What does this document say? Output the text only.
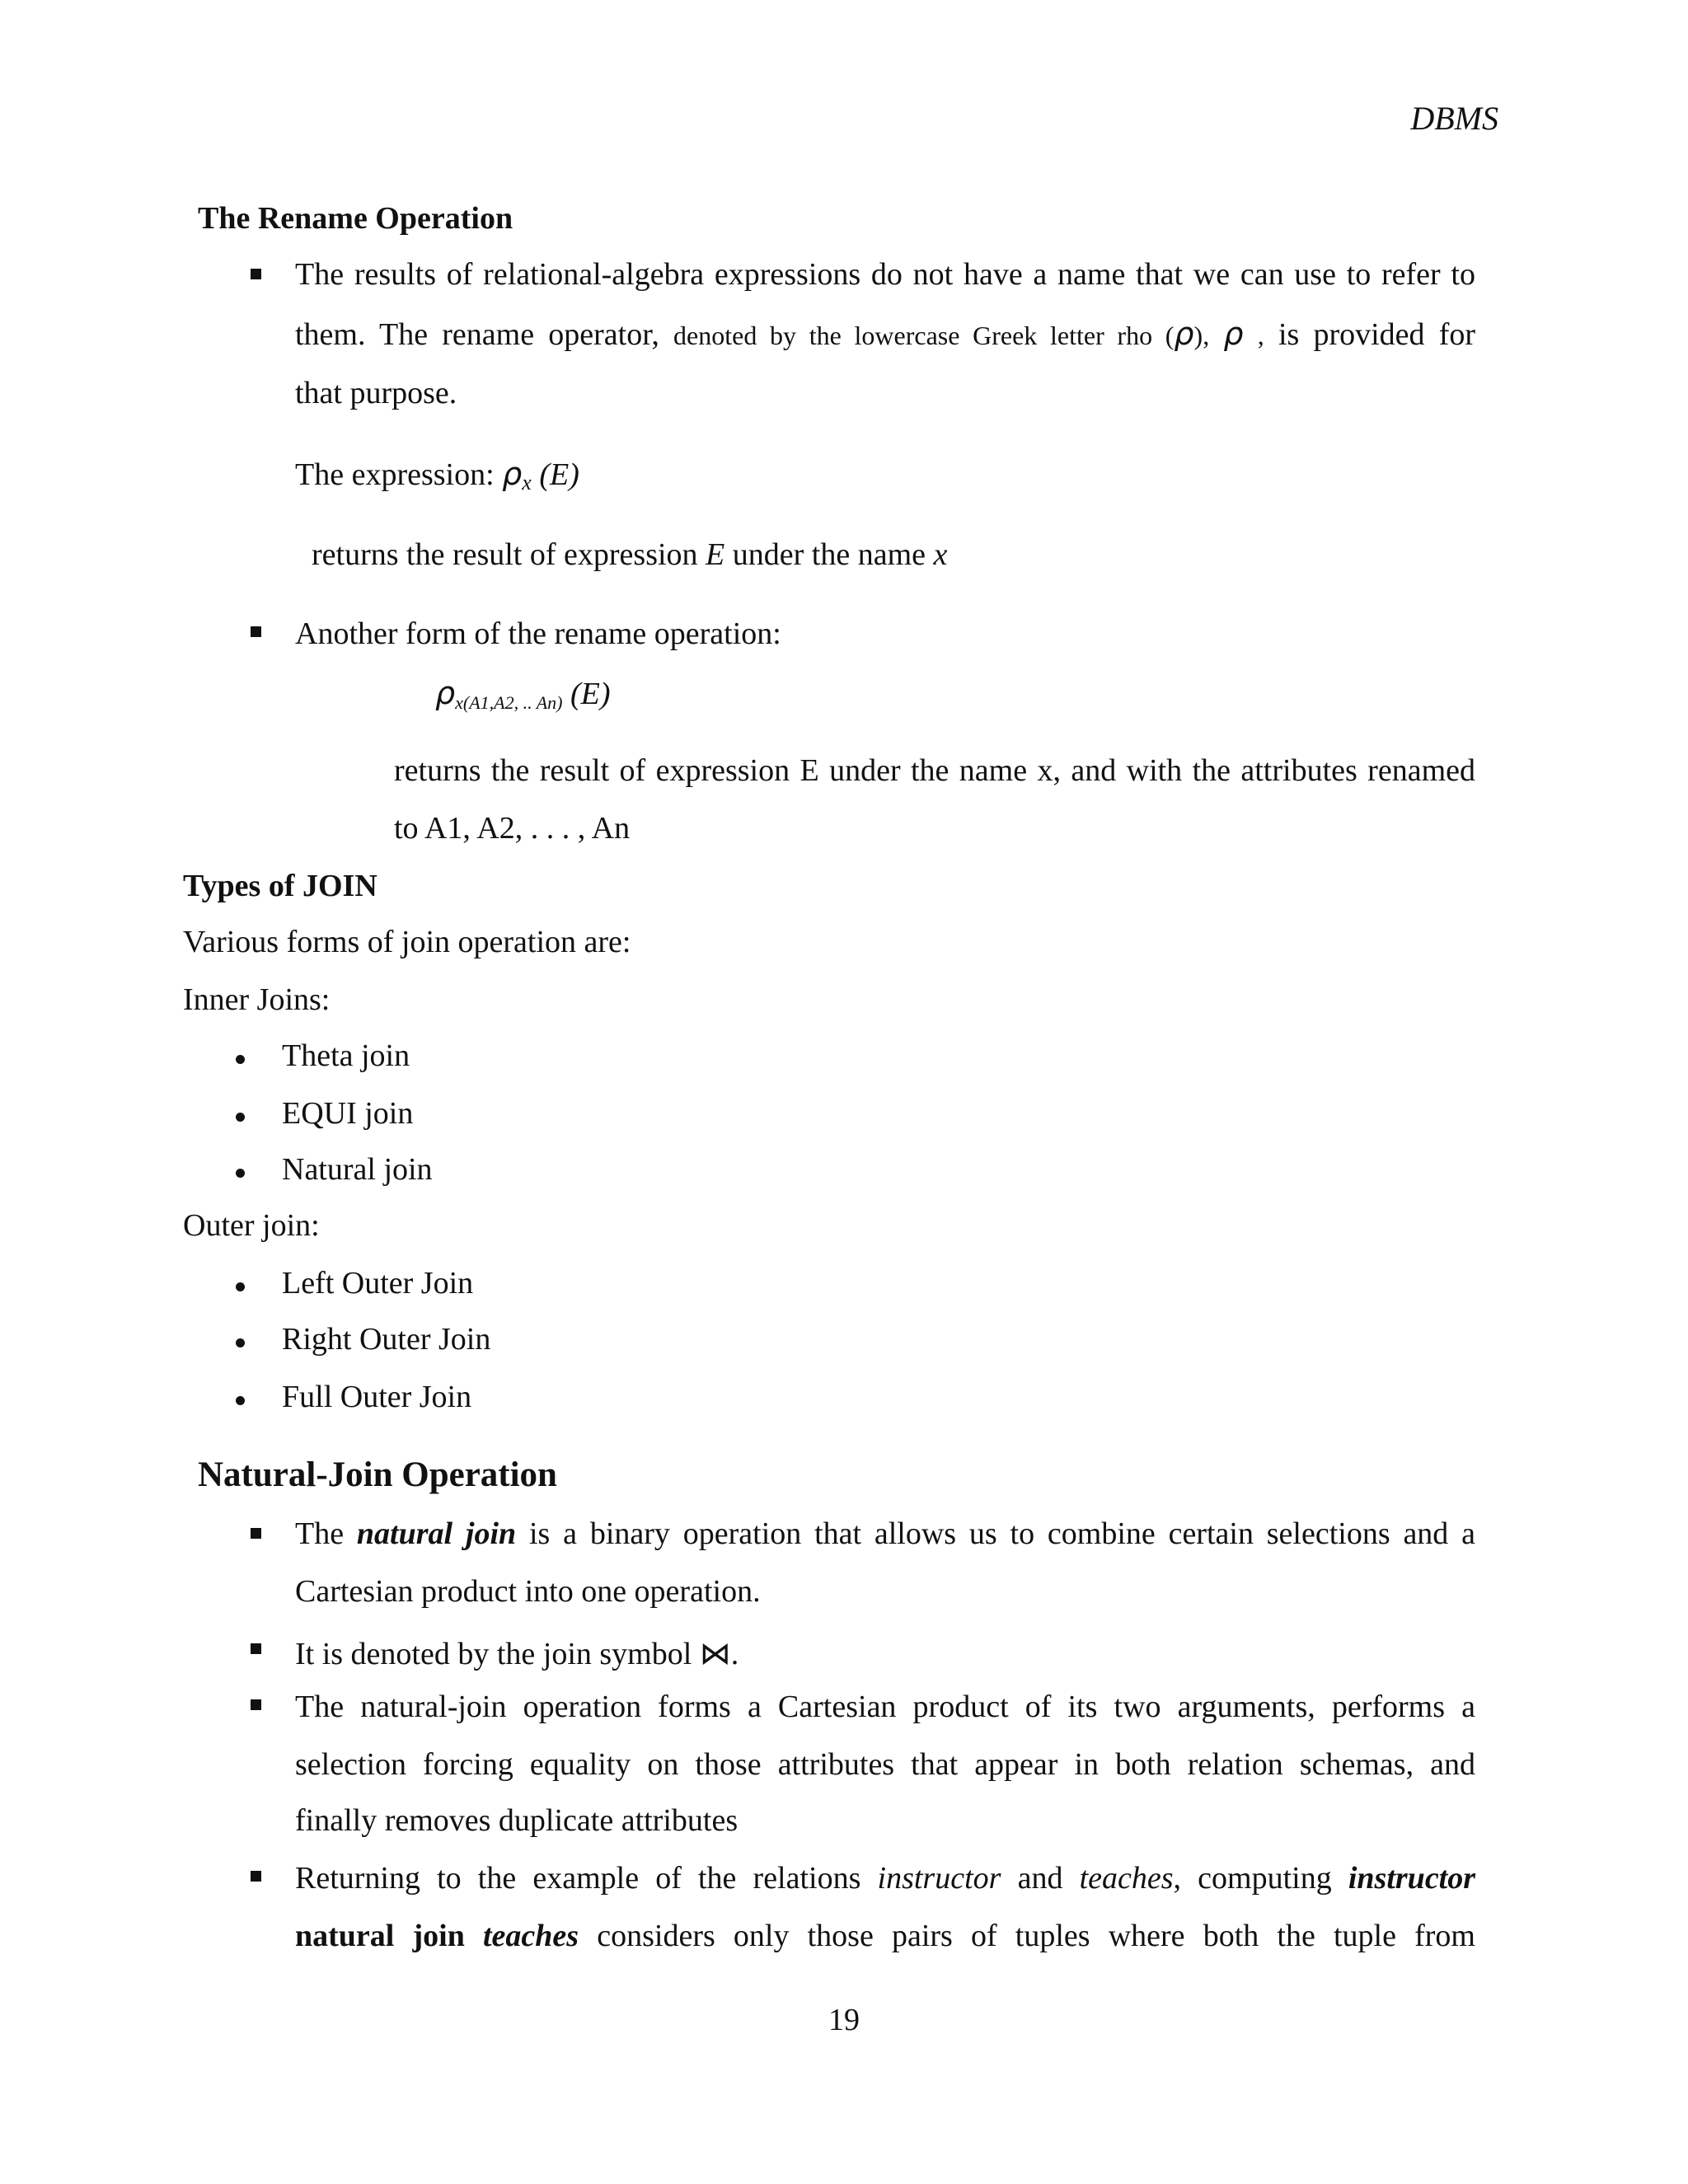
DBMS
The Rename Operation
The results of relational-algebra expressions do not have a name that we can use to refer to
them. The rename operator, denoted by the lowercase Greek letter rho (ρ), ρ , is provided for
that purpose.
The expression: $\rho_x$ (E)
returns the result of expression E under the name x
Another form of the rename operation:
ρx(A1,A2, .. An) (E)
returns the result of expression E under the name x, and with the attributes renamed
to A1, A2, . . . , An
Types of JOIN
Various forms of join operation are:
Inner Joins:
Theta join
EQUI join
Natural join
Outer join:
Left Outer Join
Right Outer Join
Full Outer Join
Natural-Join Operation
The natural join is a binary operation that allows us to combine certain selections and a
Cartesian product into one operation.
It is denoted by the join symbol ⋈.
The natural-join operation forms a Cartesian product of its two arguments, performs a
selection forcing equality on those attributes that appear in both relation schemas, and
finally removes duplicate attributes
Returning to the example of the relations instructor and teaches, computing instructor
natural join teaches considers only those pairs of tuples where both the tuple from
19
